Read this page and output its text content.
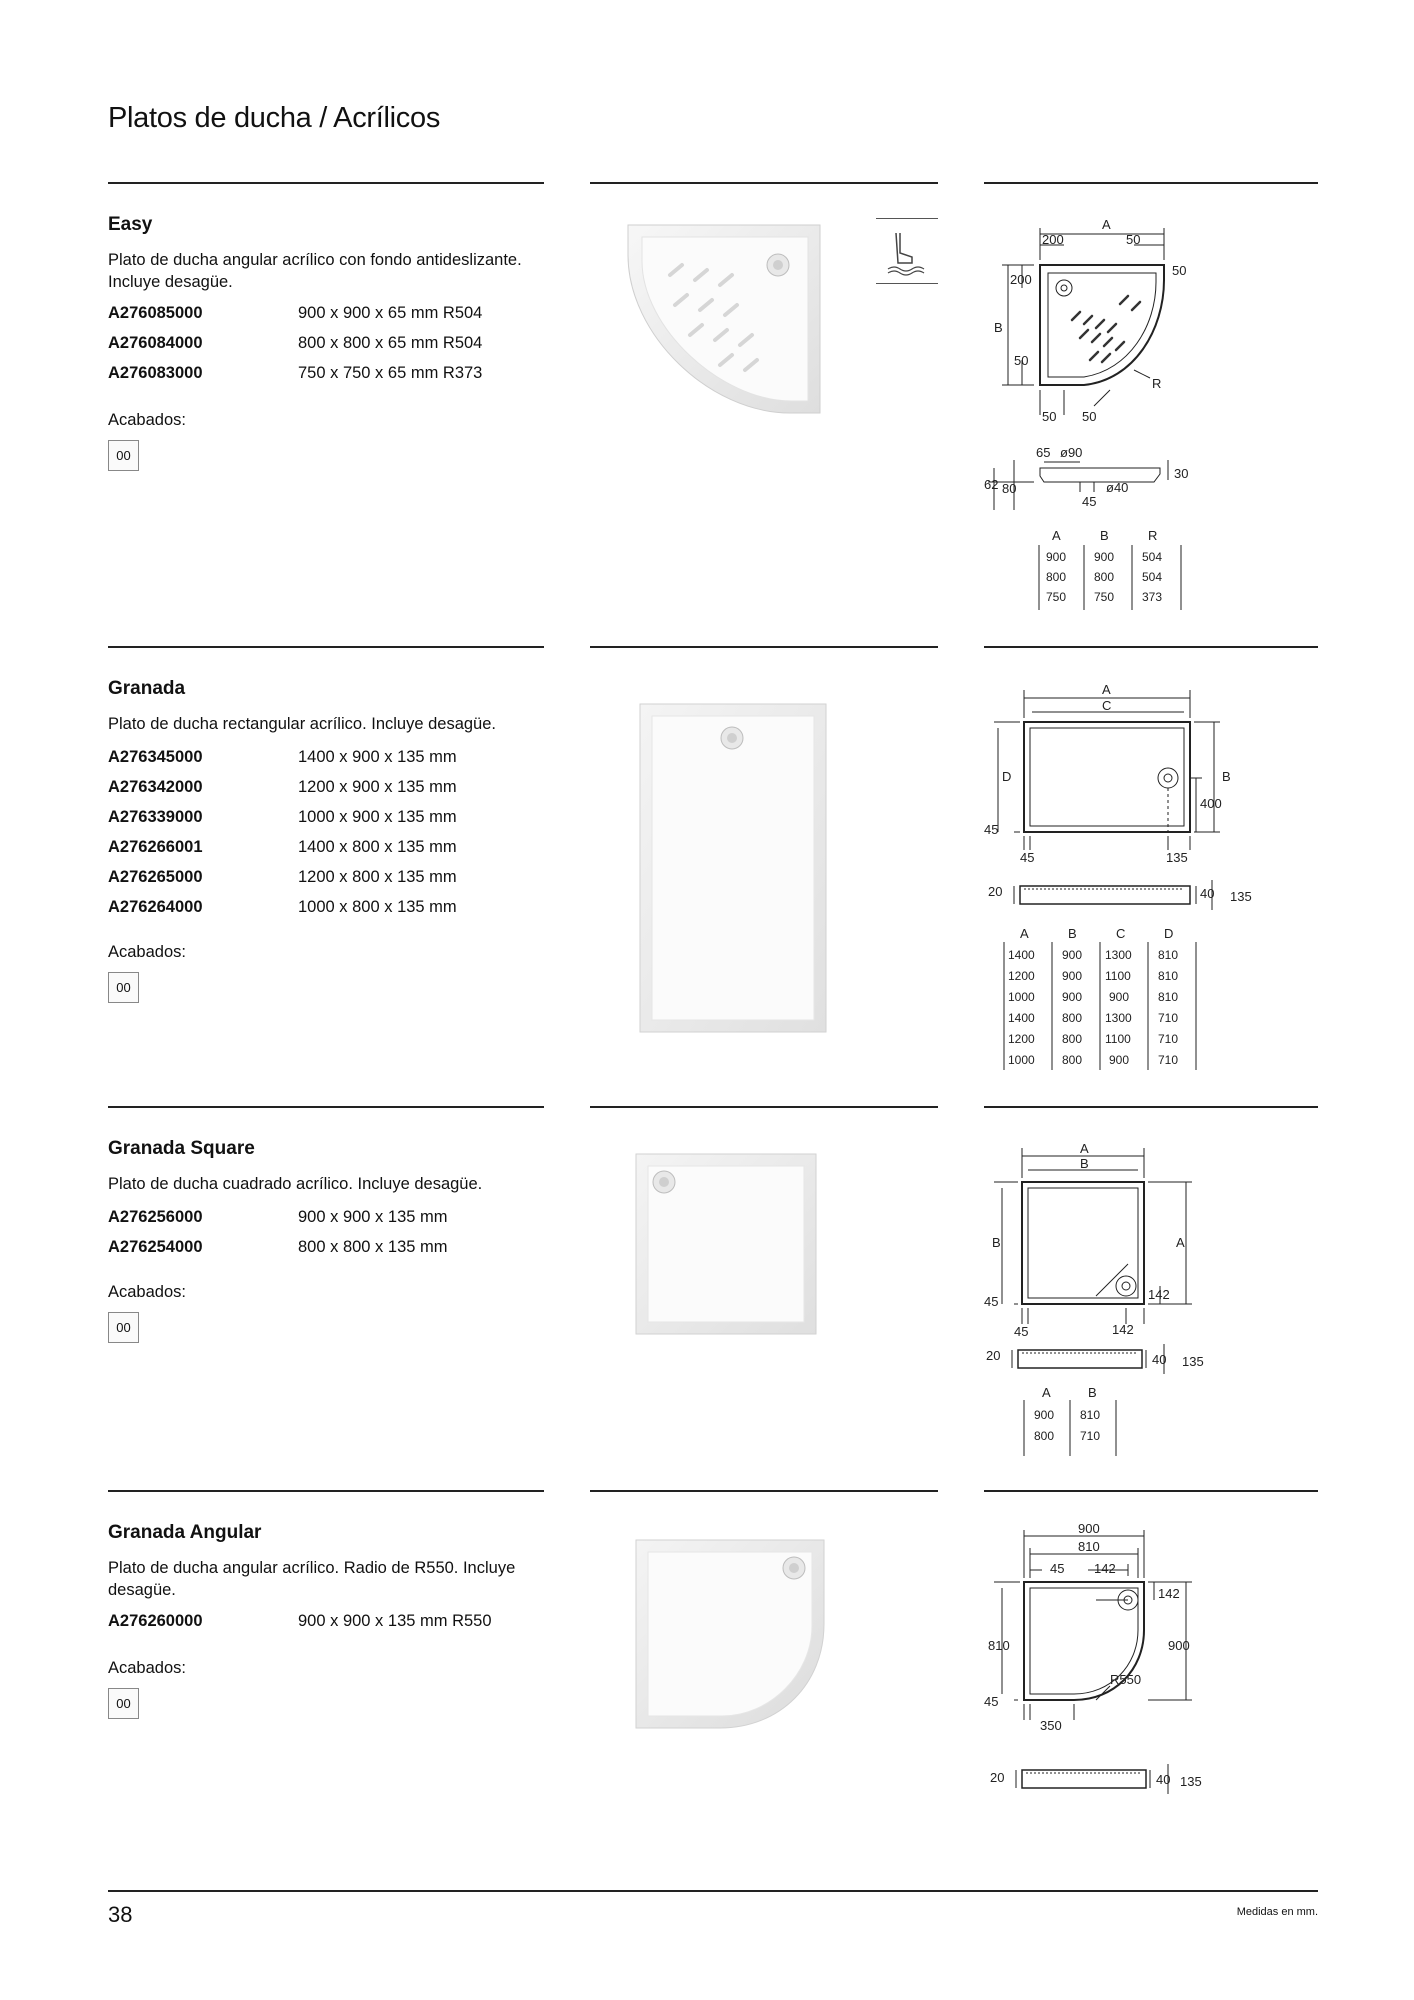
Platos de ducha / Acrílicos
Easy
Plato de ducha angular acrílico con fondo antideslizante. Incluye desagüe.
A276085000	900 x 900 x 65 mm R504
A276084000	800 x 800 x 65 mm R504
A276083000	750 x 750 x 65 mm R373
Acabados:
00
A
200	50
50
200
B
50
R
50 50
65 ø90
62 80	ø40
45
30
A	B	R
900 900 504
800 800 504
750 750 373
Granada
Plato de ducha rectangular acrílico. Incluye desagüe.
A276345000	1400 x 900 x 135 mm
A276342000	1200 x 900 x 135 mm
A276339000	1000 x 900 x 135 mm
A276266001	1400 x 800 x 135 mm
A276265000	1200 x 800 x 135 mm
A276264000	1000 x 800 x 135 mm
Acabados:
00
A
C
D	B
400
45
45	135
20	40 135
A	B	C	D
1400 900 1300 810
1200 900 1100 810
1000 900 900 810
1400 800 1300 710
1200 800 1100 710
1000 800 900 710
Granada Square
Plato de ducha cuadrado acrílico. Incluye desagüe.
A276256000	900 x 900 x 135 mm
A276254000	800 x 800 x 135 mm
Acabados:
00
A
B
B	A
142
45
45	142
20	40 135
A	B
900 810
800 710
Granada Angular
Plato de ducha angular acrílico. Radio de R550. Incluye desagüe.
A276260000	900 x 900 x 135 mm R550
Acabados:
00
900
810
45 142
142
810	900
R550
45
350
20	40 135
38	Medidas en mm.
